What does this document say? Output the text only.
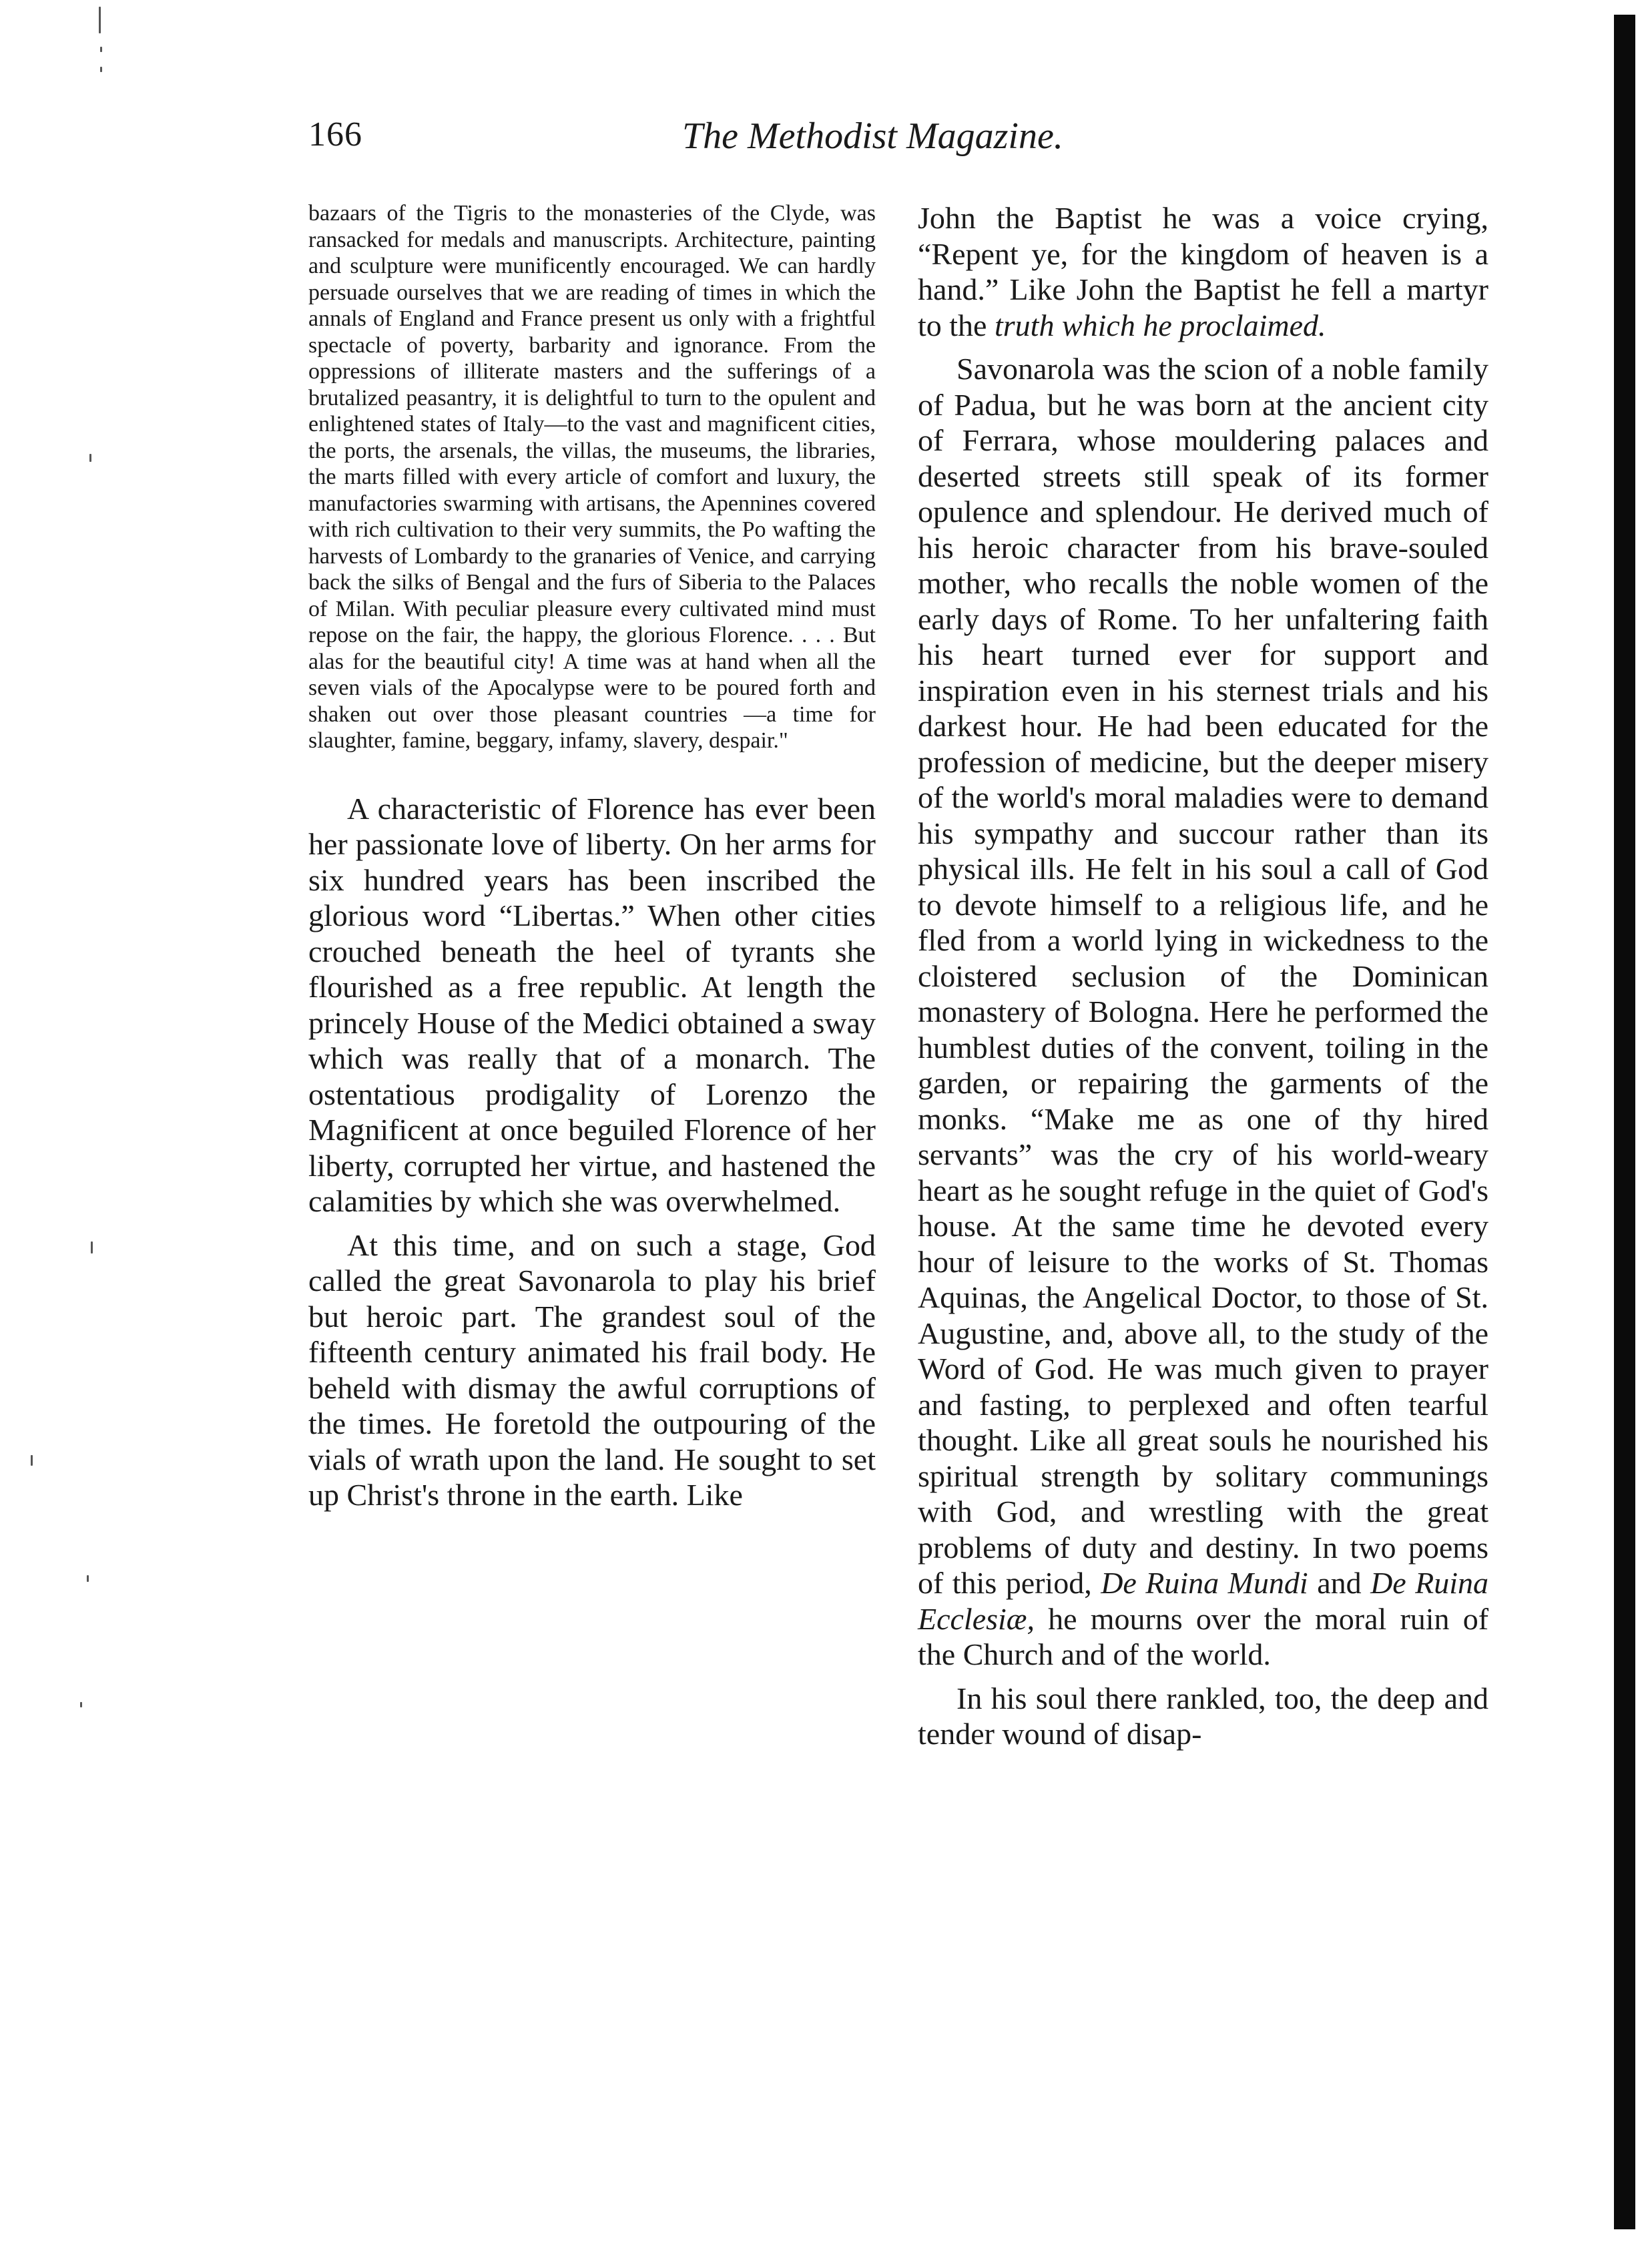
166	The Methodist Magazine.

bazaars of the Tigris to the monasteries of the Clyde, was ransacked for medals and manuscripts. Architecture, painting and sculpture were munificently encouraged. We can hardly persuade ourselves that we are reading of times in which the annals of England and France present us only with a frightful spectacle of poverty, barbarity and ignorance. From the oppressions of illiterate masters and the sufferings of a brutalized peasantry, it is delightful to turn to the opulent and enlightened states of Italy—to the vast and magnificent cities, the ports, the arsenals, the villas, the museums, the libraries, the marts filled with every article of comfort and luxury, the manufactories swarming with artisans, the Apennines covered with rich cultivation to their very summits, the Po wafting the harvests of Lombardy to the granaries of Venice, and carrying back the silks of Bengal and the furs of Siberia to the Palaces of Milan. With peculiar pleasure every cultivated mind must repose on the fair, the happy, the glorious Florence. . . . But alas for the beautiful city! A time was at hand when all the seven vials of the Apocalypse were to be poured forth and shaken out over those pleasant countries —a time for slaughter, famine, beggary, infamy, slavery, despair."

A characteristic of Florence has ever been her passionate love of liberty. On her arms for six hundred years has been inscribed the glorious word “Libertas.” When other cities crouched beneath the heel of tyrants she flourished as a free republic. At length the princely House of the Medici obtained a sway which was really that of a monarch. The ostentatious prodigality of Lorenzo the Magnificent at once beguiled Florence of her liberty, corrupted her virtue, and hastened the calamities by which she was overwhelmed.

At this time, and on such a stage, God called the great Savonarola to play his brief but heroic part. The grandest soul of the fifteenth century animated his frail body. He beheld with dismay the awful corruptions of the times. He foretold the outpouring of the vials of wrath upon the land. He sought to set up Christ's throne in the earth. Like

John the Baptist he was a voice crying, “Repent ye, for the kingdom of heaven is a hand.” Like John the Baptist he fell a martyr to the truth which he proclaimed.

Savonarola was the scion of a noble family of Padua, but he was born at the ancient city of Ferrara, whose mouldering palaces and deserted streets still speak of its former opulence and splendour. He derived much of his heroic character from his brave-souled mother, who recalls the noble women of the early days of Rome. To her unfaltering faith his heart turned ever for support and inspiration even in his sternest trials and his darkest hour. He had been educated for the profession of medicine, but the deeper misery of the world's moral maladies were to demand his sympathy and succour rather than its physical ills. He felt in his soul a call of God to devote himself to a religious life, and he fled from a world lying in wickedness to the cloistered seclusion of the Dominican monastery of Bologna. Here he performed the humblest duties of the convent, toiling in the garden, or repairing the garments of the monks. “Make me as one of thy hired servants” was the cry of his world-weary heart as he sought refuge in the quiet of God's house. At the same time he devoted every hour of leisure to the works of St. Thomas Aquinas, the Angelical Doctor, to those of St. Augustine, and, above all, to the study of the Word of God. He was much given to prayer and fasting, to perplexed and often tearful thought. Like all great souls he nourished his spiritual strength by solitary communings with God, and wrestling with the great problems of duty and destiny. In two poems of this period, De Ruina Mundi and De Ruina Ecclesiæ, he mourns over the moral ruin of the Church and of the world.

In his soul there rankled, too, the deep and tender wound of disap-
